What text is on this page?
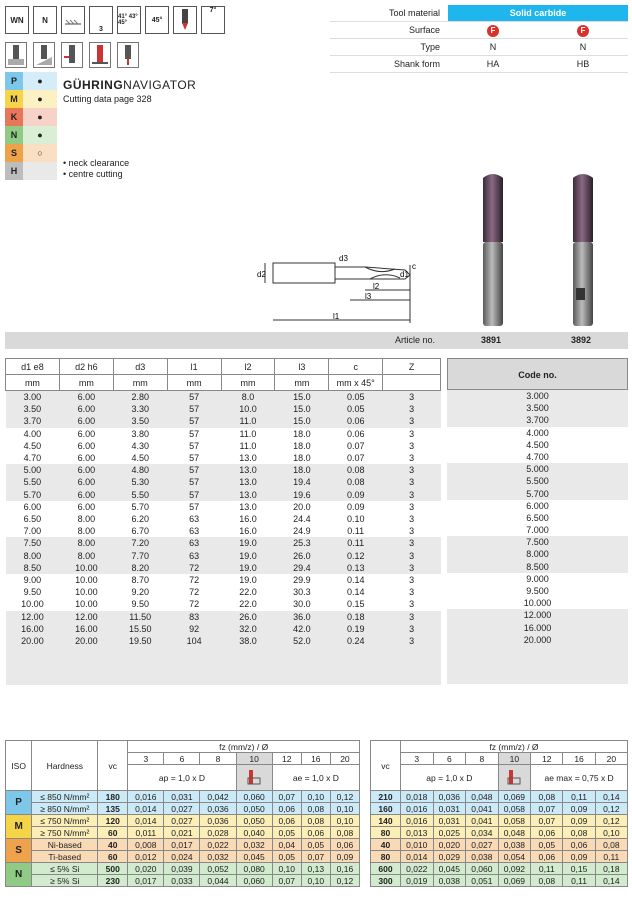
WN	N
3
41° 43° 45°	45°
7°
P	●
M	●
K	●
N	●
S	○
H
GÜHRINGNAVIGATOR
Cutting data page 328
• neck clearance
• centre cutting
Tool material	Solid carbide
Surface	F	F
Type	N	N
Shank form	HA	HB
d2
d3
c
d1
l2
l3
l1
Article no.	3891	3892
d1 e8	d2 h6	d3	l1	l2	l3	c	Z
mm	mm	mm	mm	mm	mm	mm x 45°	
3.00	6.00	2.80	57	8.0	15.0	0.05	3
3.50	6.00	3.30	57	10.0	15.0	0.05	3
3.70	6.00	3.50	57	11.0	15.0	0.06	3
4.00	6.00	3.80	57	11.0	18.0	0.06	3
4.50	6.00	4.30	57	11.0	18.0	0.07	3
4.70	6.00	4.50	57	13.0	18.0	0.07	3
5.00	6.00	4.80	57	13.0	18.0	0.08	3
5.50	6.00	5.30	57	13.0	19.4	0.08	3
5.70	6.00	5.50	57	13.0	19.6	0.09	3
6.00	6.00	5.70	57	13.0	20.0	0.09	3
6.50	8.00	6.20	63	16.0	24.4	0.10	3
7.00	8.00	6.70	63	16.0	24.9	0.11	3
7.50	8.00	7.20	63	19.0	25.3	0.11	3
8.00	8.00	7.70	63	19.0	26.0	0.12	3
8.50	10.00	8.20	72	19.0	29.4	0.13	3
9.00	10.00	8.70	72	19.0	29.9	0.14	3
9.50	10.00	9.20	72	22.0	30.3	0.14	3
10.00	10.00	9.50	72	22.0	30.0	0.15	3
12.00	12.00	11.50	83	26.0	36.0	0.18	3
16.00	16.00	15.50	92	32.0	42.0	0.19	3
20.00	20.00	19.50	104	38.0	52.0	0.24	3

Code no.
3.000
3.500
3.700
4.000
4.500
4.700
5.000
5.500
5.700
6.000
6.500
7.000
7.500
8.000
8.500
9.000
9.500
10.000
12.000
16.000
20.000
ISO	Hardness	vc	fz (mm/z) / Ø						
			3	6	8	10	12	16	20
			ap = 1,0 x D				ae = 1,0 x D		
P	≤ 850 N/mm²	180	0,016	0,031	0,042	0,060	0,07	0,10	0,12
	≥ 850 N/mm²	135	0,014	0,027	0,036	0,050	0,06	0,08	0,10
M	≤ 750 N/mm²	120	0,014	0,027	0,036	0,050	0,06	0,08	0,10
	≥ 750 N/mm²	60	0,011	0,021	0,028	0,040	0,05	0,06	0,08
S	Ni-based	40	0,008	0,017	0,022	0,032	0,04	0,05	0,06
	Ti-based	60	0,012	0,024	0,032	0,045	0,05	0,07	0,09
N	≤ 5% Si	500	0,020	0,039	0,052	0,080	0,10	0,13	0,16
	≥ 5% Si	230	0,017	0,033	0,044	0,060	0,07	0,10	0,12
vc	fz (mm/z) / Ø						
	3	6	8	10	12	16	20
	ap = 1,0 x D				ae max = 0,75 x D		
210	0,018	0,036	0,048	0,069	0,08	0,11	0,14
160	0,016	0,031	0,041	0,058	0,07	0,09	0,12
140	0,016	0,031	0,041	0,058	0,07	0,09	0,12
80	0,013	0,025	0,034	0,048	0,06	0,08	0,10
40	0,010	0,020	0,027	0,038	0,05	0,06	0,08
80	0,014	0,029	0,038	0,054	0,06	0,09	0,11
600	0,022	0,045	0,060	0,092	0,11	0,15	0,18
300	0,019	0,038	0,051	0,069	0,08	0,11	0,14
